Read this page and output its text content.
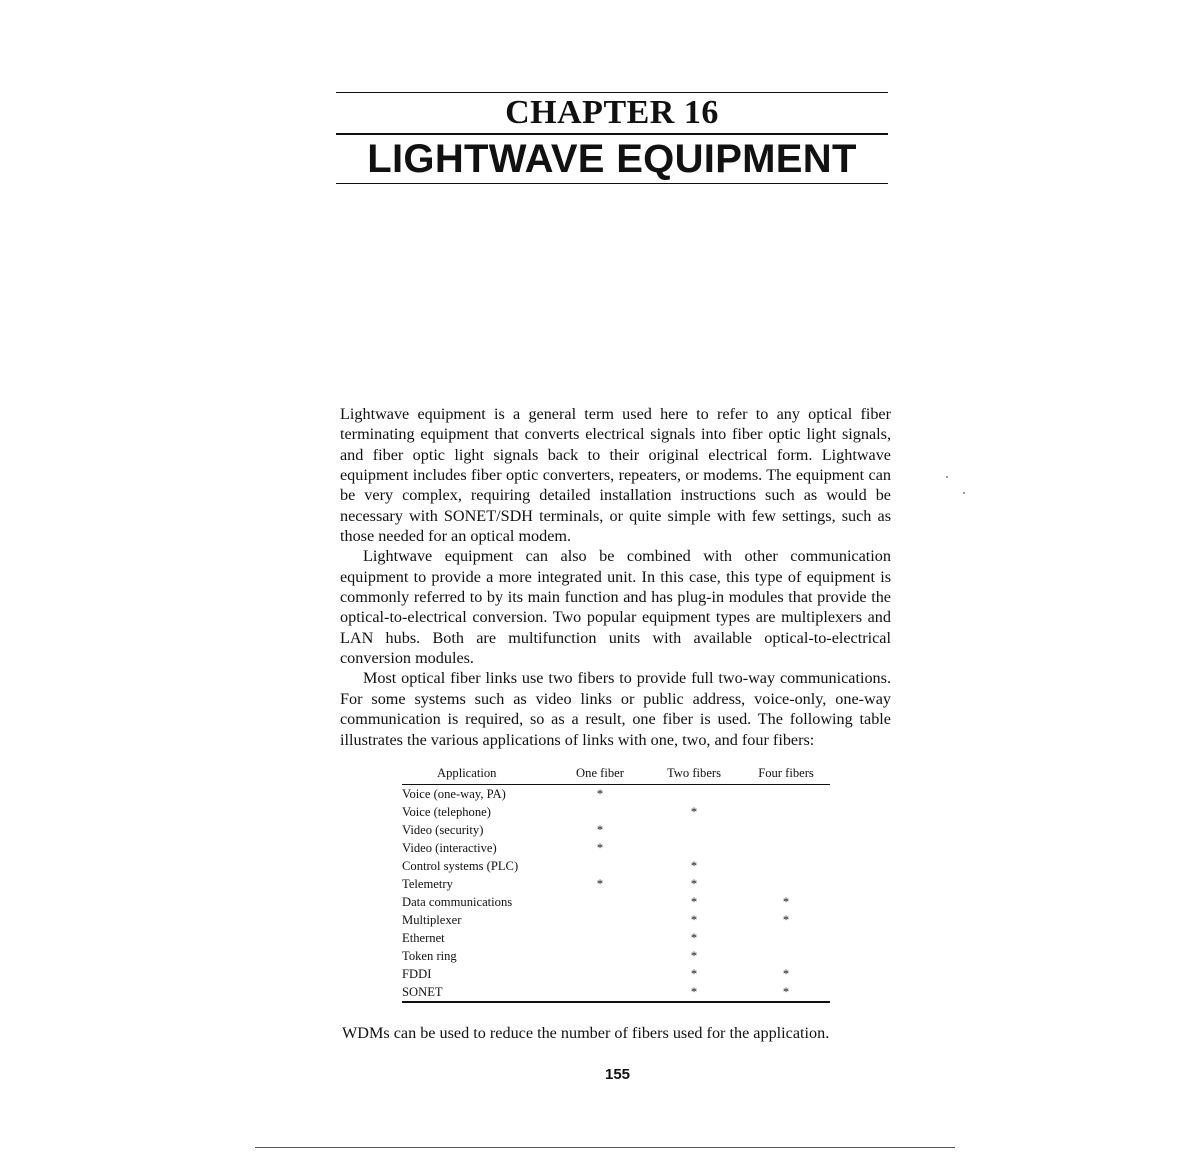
CHAPTER 16
LIGHTWAVE EQUIPMENT

Lightwave equipment is a general term used here to refer to any optical fiber terminating equipment that converts electrical signals into fiber optic light signals, and fiber optic light signals back to their original electrical form. Lightwave equipment includes fiber optic converters, repeaters, or modems. The equipment can be very complex, requiring detailed installation instructions such as would be necessary with SONET/SDH terminals, or quite simple with few settings, such as those needed for an optical modem.

Lightwave equipment can also be combined with other communication equipment to provide a more integrated unit. In this case, this type of equipment is commonly referred to by its main function and has plug-in modules that provide the optical-to-electrical conversion. Two popular equipment types are multiplexers and LAN hubs. Both are multifunction units with available optical-to-electrical conversion modules.

Most optical fiber links use two fibers to provide full two-way communications. For some systems such as video links or public address, voice-only, one-way communication is required, so as a result, one fiber is used. The following table illustrates the various applications of links with one, two, and four fibers:

Application	One fiber	Two fibers	Four fibers
Voice (one-way, PA)	*		
Voice (telephone)		*	
Video (security)	*		
Video (interactive)	*		
Control systems (PLC)		*	
Telemetry	*	*	
Data communications		*	*
Multiplexer		*	*
Ethernet		*	
Token ring		*	
FDDI		*	*
SONET		*	*
WDMs can be used to reduce the number of fibers used for the application.
155
